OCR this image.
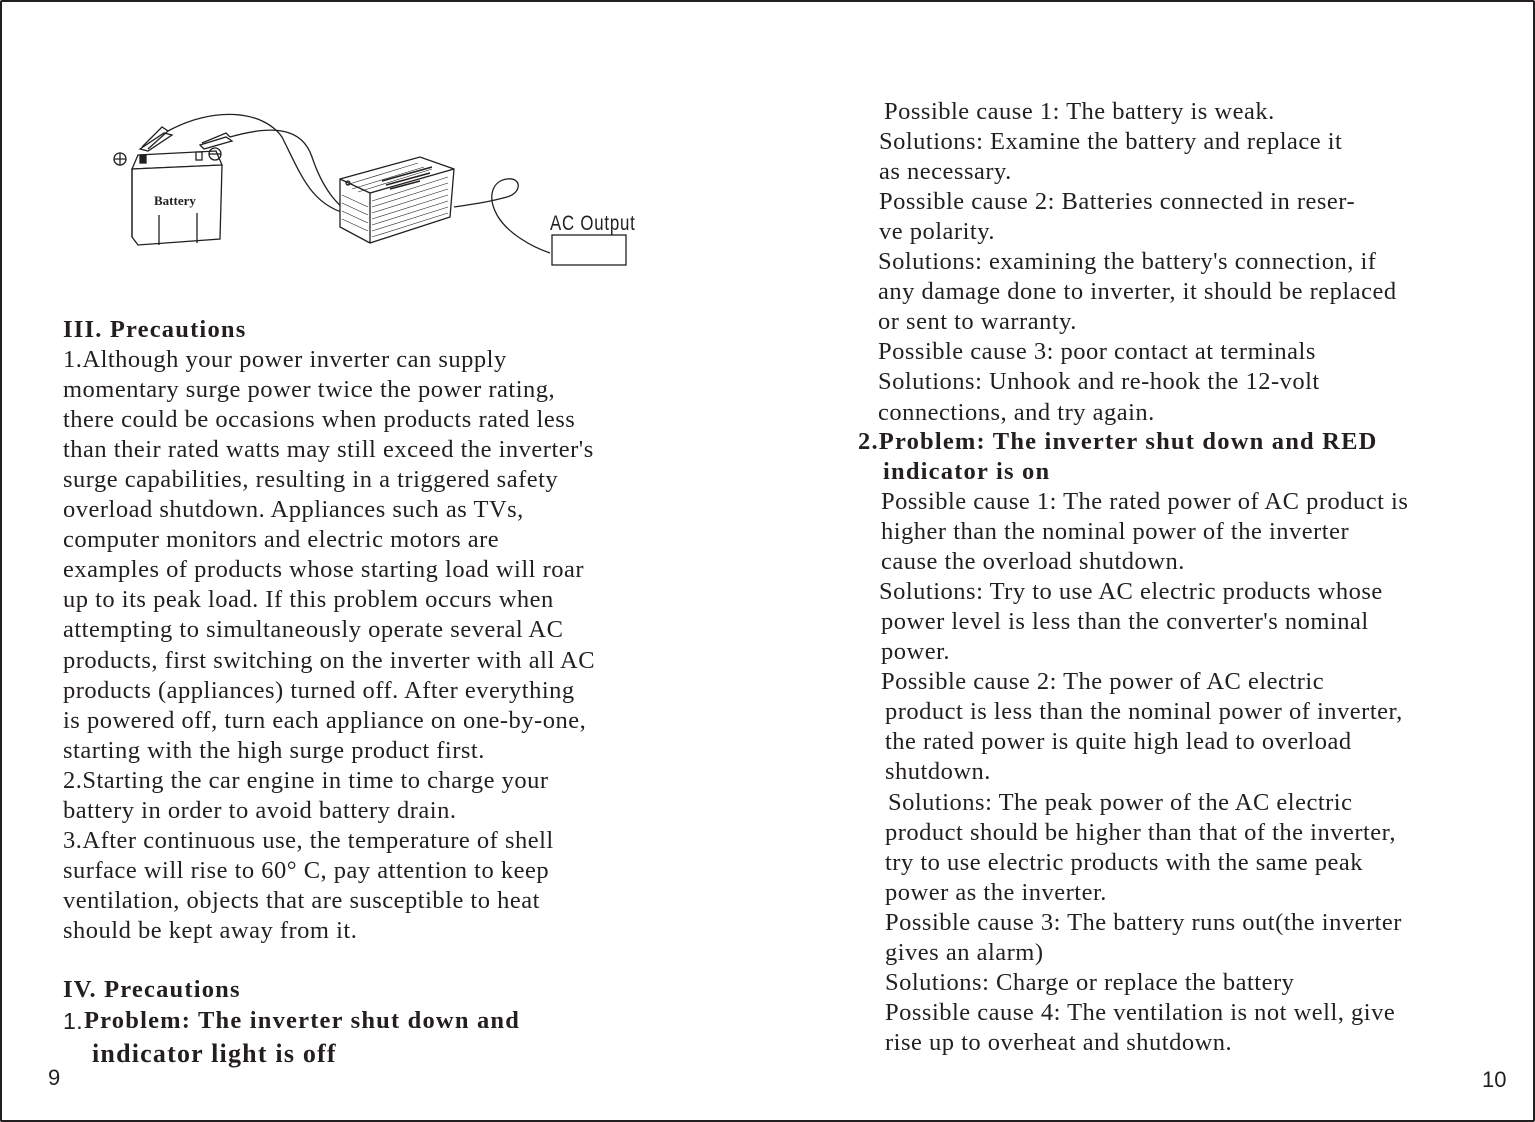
Battery
AC Output
III. Precautions
1.Although your power inverter can supply
momentary surge power twice the power rating,
there could be occasions when products rated less
than their rated watts may still exceed the inverter's
surge capabilities, resulting in a triggered safety
overload shutdown. Appliances such as TVs,
computer monitors and electric motors are
examples of products whose starting load will roar
up to its peak load. If this problem occurs when
attempting to simultaneously operate several AC
products, first switching on the inverter with all AC
products (appliances) turned off. After everything
is powered off, turn each appliance on one-by-one,
starting with the high surge product first.
2.Starting the car engine in time to charge your
battery in order to avoid battery drain.
3.After continuous use, the temperature of shell
surface will rise to 60° C, pay attention to keep
ventilation, objects that are susceptible to heat
should be kept away from it.
IV. Precautions
1. Problem: The inverter shut down and
indicator light is off
9
Possible cause 1: The battery is weak.
Solutions: Examine the battery and replace it
as necessary.
Possible cause 2: Batteries connected in reser-
ve polarity.
Solutions: examining the battery's connection, if
any damage done to inverter, it should be replaced
or sent to warranty.
Possible cause 3: poor contact at terminals
Solutions: Unhook and re-hook the 12-volt
connections, and try again.
2.Problem: The inverter shut down and RED
indicator is on
Possible cause 1: The rated power of AC product is
higher than the nominal power of the inverter
cause the overload shutdown.
Solutions: Try to use AC electric products whose
power level is less than the converter's nominal
power.
Possible cause 2: The power of AC electric
product is less than the nominal power of inverter,
the rated power is quite high lead to overload
shutdown.
Solutions: The peak power of the AC electric
product should be higher than that of the inverter,
try to use electric products with the same peak
power as the inverter.
Possible cause 3: The battery runs out(the inverter
gives an alarm)
Solutions: Charge or replace the battery
Possible cause 4: The ventilation is not well, give
rise up to overheat and shutdown.
10
